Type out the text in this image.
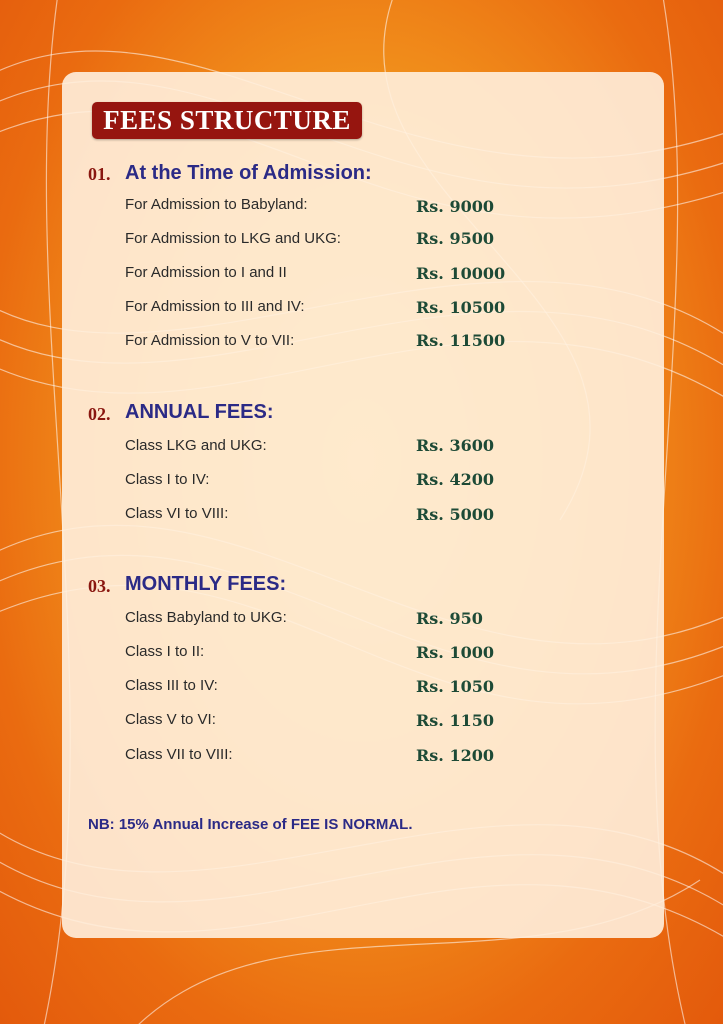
FEES STRUCTURE
01. At the Time of Admission:
For Admission to Babyland:	Rs. 9000
For Admission to LKG and UKG:	Rs. 9500
For Admission to I and II	Rs. 10000
For Admission to III and IV:	Rs. 10500
For Admission to V to VII:	Rs. 11500
02. ANNUAL FEES:
Class LKG and UKG:	Rs. 3600
Class I to IV:	Rs. 4200
Class VI to VIII:	Rs. 5000
03. MONTHLY FEES:
Class Babyland to UKG:	Rs. 950
Class I to II:	Rs. 1000
Class III to IV:	Rs. 1050
Class V to VI:	Rs. 1150
Class VII to VIII:	Rs. 1200
NB: 15% Annual Increase of FEE IS NORMAL.
